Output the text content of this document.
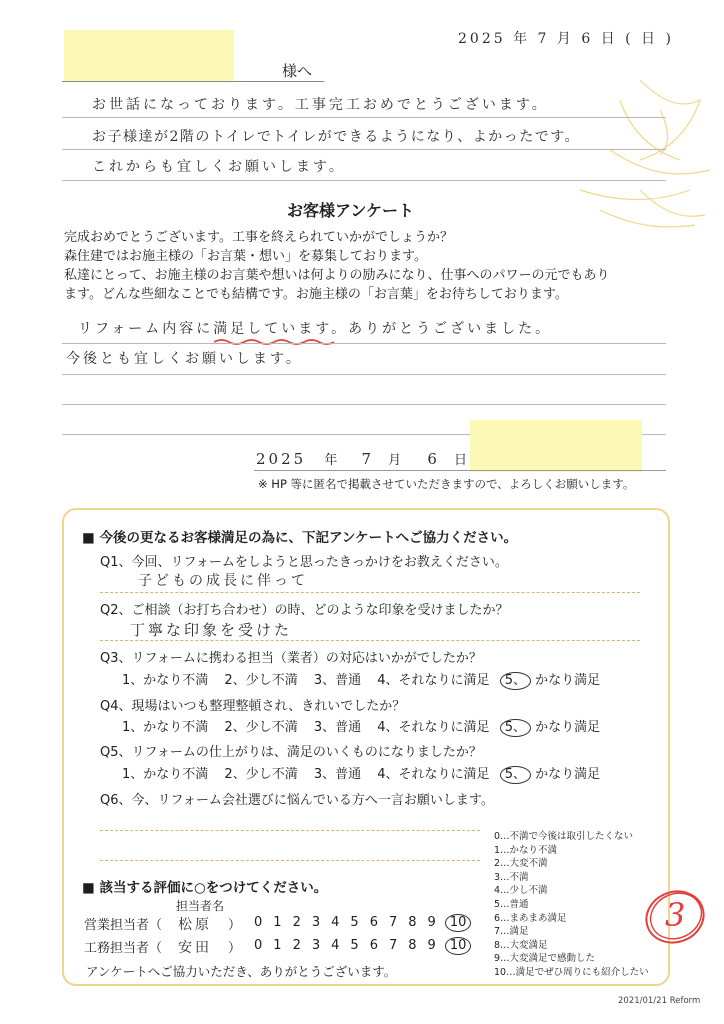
2025 年 7 月 6 日 ( 日 )
様へ
お世話になっております。工事完工おめでとうございます。
お子様達が2階のトイレでトイレができるようになり、よかったです。
これからも宜しくお願いします。
お客様アンケート
完成おめでとうございます。工事を終えられていかがでしょうか？
森住建ではお施主様の「お言葉・想い」を募集しております。
私達にとって、お施主様のお言葉や想いは何よりの励みになり、仕事へのパワーの元でもあり
ます。どんな些細なことでも結構です。お施主様の「お言葉」をお待ちしております。
リフォーム内容に満足しています。ありがとうございました。
今後とも宜しくお願いします。
2025 年 7 月 6 日
※ HP 等に匿名で掲載させていただきますので、よろしくお願いします。
■ 今後の更なるお客様満足の為に、下記アンケートへご協力ください。
Q1、今回、リフォームをしようと思ったきっかけをお教えください。
子どもの成長に伴って
Q2、ご相談（お打ち合わせ）の時、どのような印象を受けましたか？
丁寧な印象を受けた
Q3、リフォームに携わる担当（業者）の対応はいかがでしたか？
1、かなり不満 2、少し不満 3、普通 4、それなりに満足 5、 かなり満足
Q4、現場はいつも整理整頓され、きれいでしたか？
1、かなり不満 2、少し不満 3、普通 4、それなりに満足 5、 かなり満足
Q5、リフォームの仕上がりは、満足のいくものになりましたか？
1、かなり不満 2、少し不満 3、普通 4、それなりに満足 5、 かなり満足
Q6、今、リフォーム会社選びに悩んでいる方へ一言お願いします。
0…不満で今後は取引したくない
1…かなり不満
2…大変不満
3…不満
4…少し不満
5…普通
6…まあまあ満足
7…満足
8…大変満足
9…大変満足で感動した
10…満足でぜひ周りにも紹介したい
■ 該当する評価に○をつけてください。
担当者名
営業担当者（ 松原 ） 0 1 2 3 4 5 6 7 8 9 10
工務担当者（ 安田 ） 0 1 2 3 4 5 6 7 8 9 10
アンケートへご協力いただき、ありがとうございます。
3
2021/01/21 Reform
